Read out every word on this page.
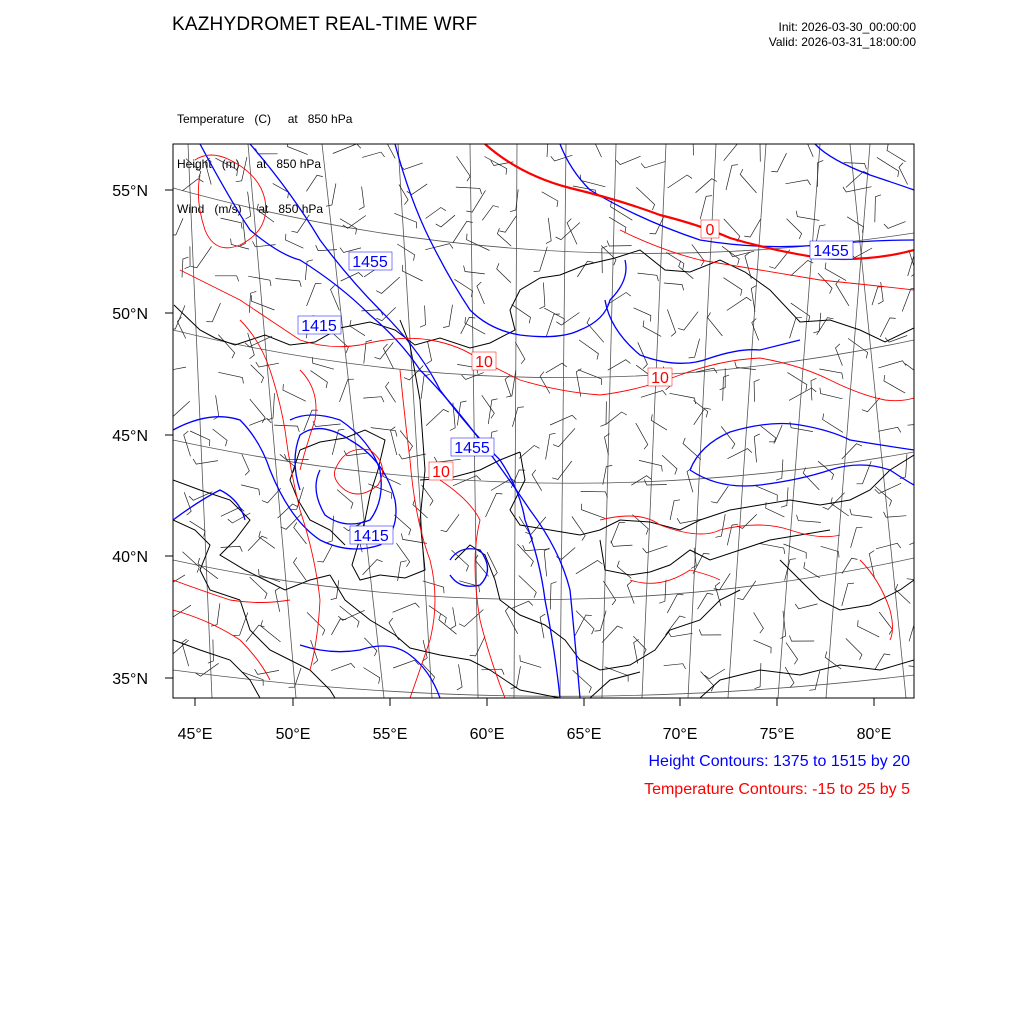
KAZHYDROMET REAL-TIME WRF	Init: 2026-03-30_00:00:00
Valid: 2026-03-31_18:00:00

Temperature   (C)     at   850 hPa

Height   (m)     at   850 hPa

Wind   (m/s)     at   850 hPa

1455
1415
1455
1415
1455
0
10
10
10
55°N
50°N
45°N
40°N
35°N
45°E	50°E	55°E	60°E	65°E	70°E	75°E	80°E
Height Contours: 1375 to 1515 by 20
Temperature Contours: -15 to 25 by 5
